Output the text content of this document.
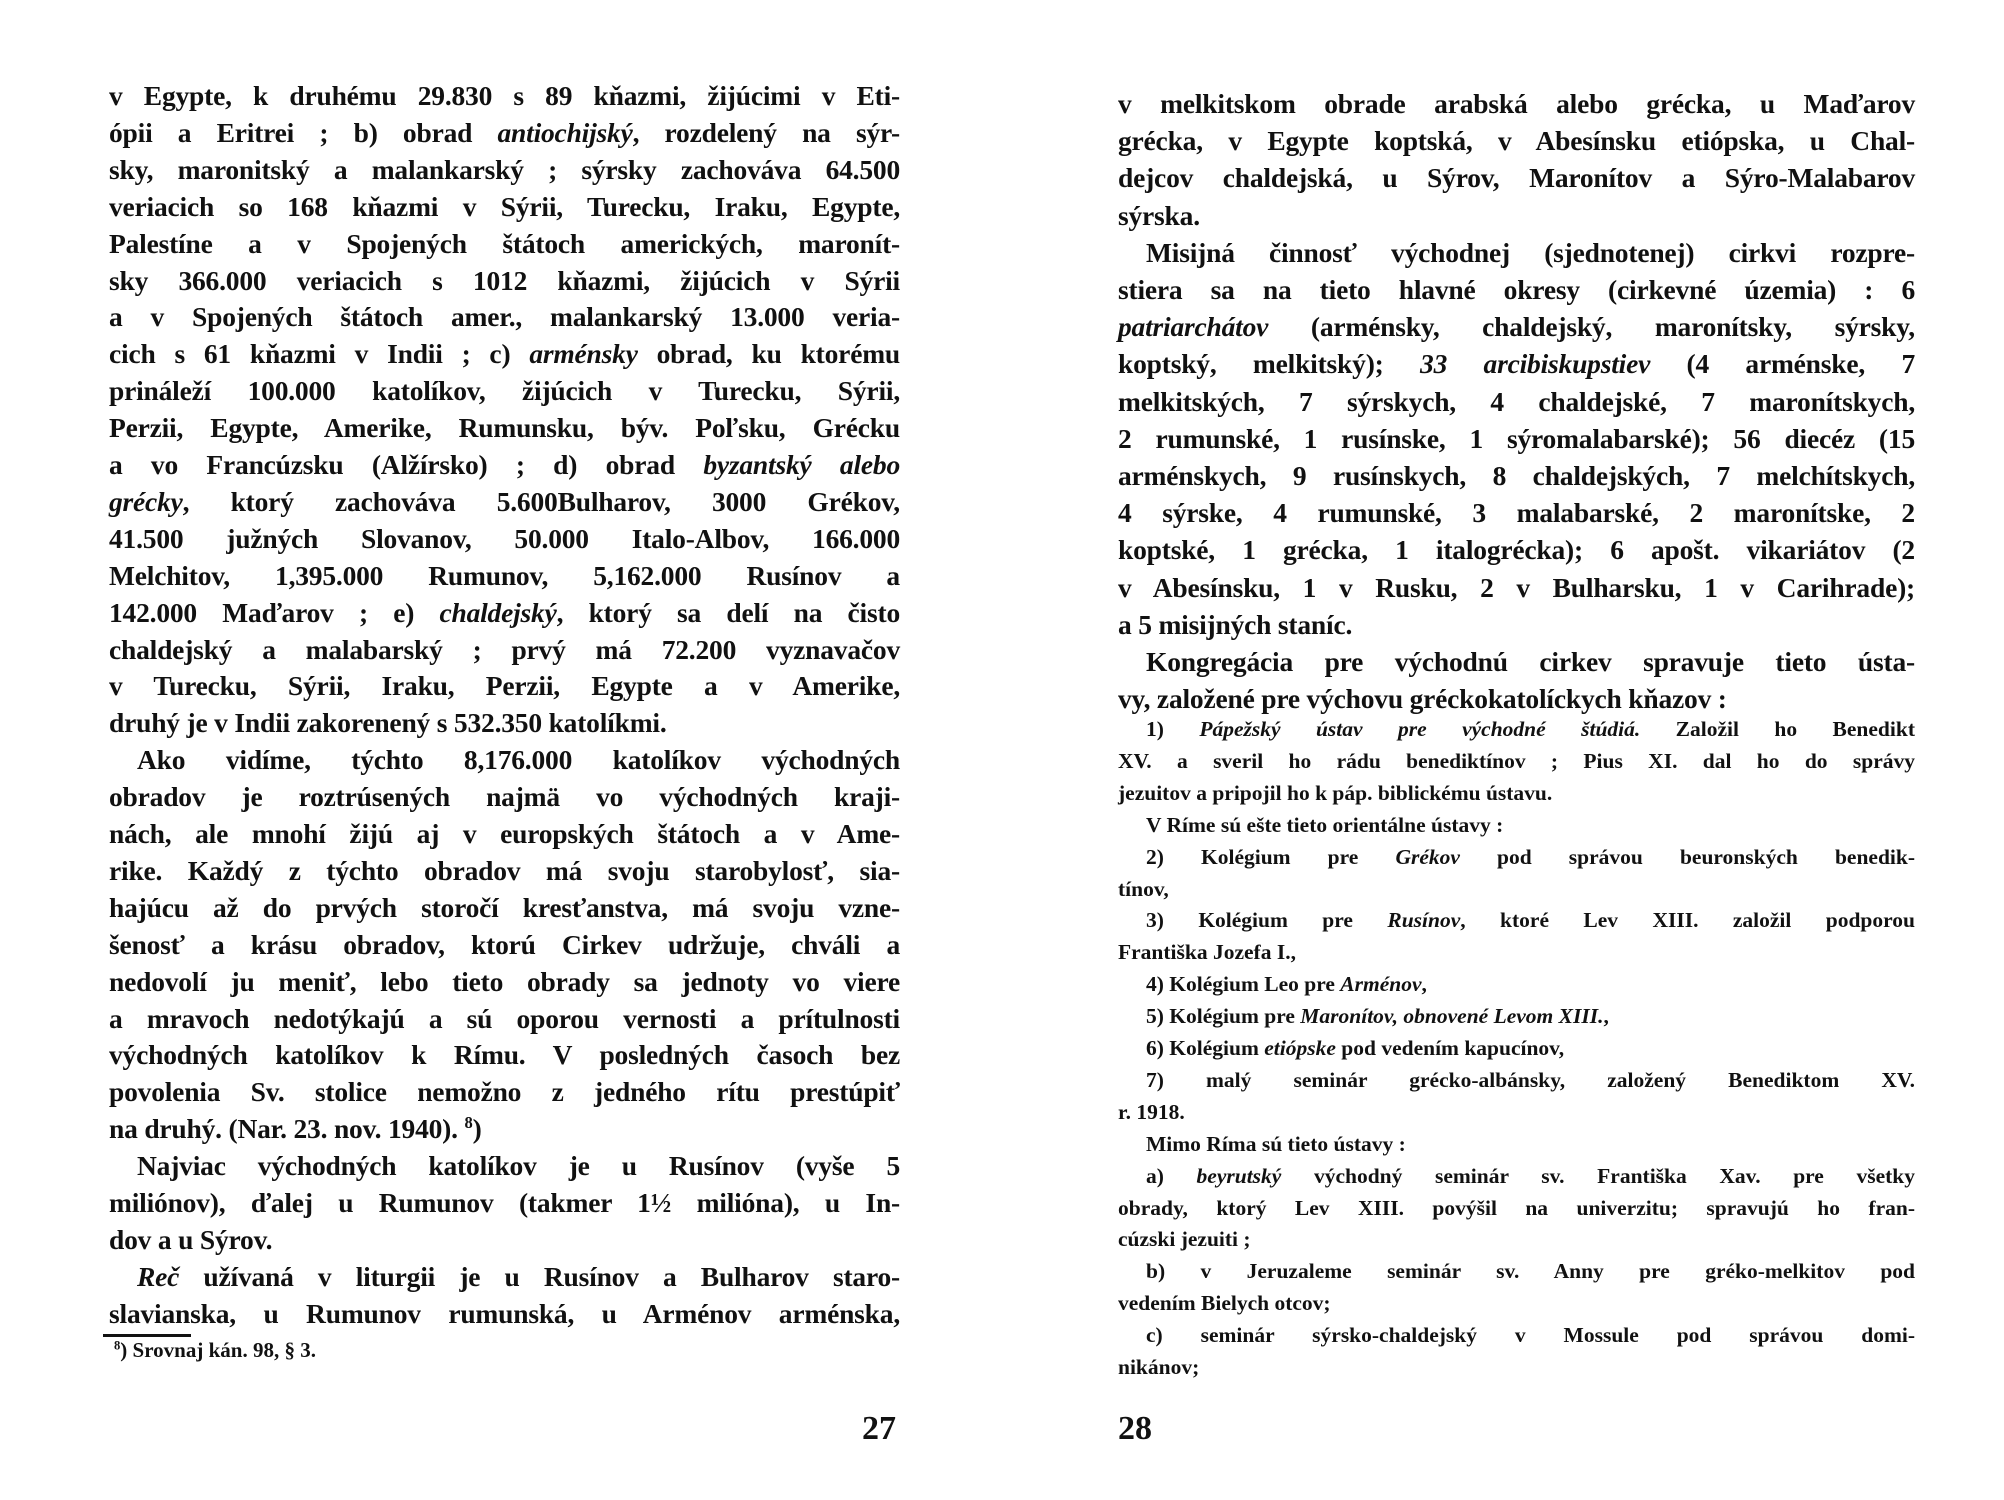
v Egypte, k druhému 29.830 s 89 kňazmi, žijúcimi v Eti-
ópii a Eritrei ; b) obrad antiochijský, rozdelený na sýr-
sky, maronitský a malankarský ; sýrsky zachováva 64.500
veriacich so 168 kňazmi v Sýrii, Turecku, Iraku, Egypte,
Palestíne a v Spojených štátoch amerických, maronít-
sky 366.000 veriacich s 1012 kňazmi, žijúcich v Sýrii
a v Spojených štátoch amer., malankarský 13.000 veria-
cich s 61 kňazmi v Indii ; c) arménsky obrad, ku ktorému
prináleží 100.000 katolíkov, žijúcich v Turecku, Sýrii,
Perzii, Egypte, Amerike, Rumunsku, býv. Poľsku, Grécku
a vo Francúzsku (Alžírsko) ; d) obrad byzantský alebo
grécky, ktorý zachováva 5.600Bulharov, 3000 Grékov,
41.500 južných Slovanov, 50.000 Italo-Albov, 166.000
Melchitov, 1,395.000 Rumunov, 5,162.000 Rusínov a
142.000 Maďarov ; e) chaldejský, ktorý sa delí na čisto
chaldejský a malabarský ; prvý má 72.200 vyznavačov
v Turecku, Sýrii, Iraku, Perzii, Egypte a v Amerike,
druhý je v Indii zakorenený s 532.350 katolíkmi.
Ako vidíme, týchto 8,176.000 katolíkov východných
obradov je roztrúsených najmä vo východných kraji-
nách, ale mnohí žijú aj v europských štátoch a v Ame-
rike. Každý z týchto obradov má svoju starobylosť, sia-
hajúcu až do prvých storočí kresťanstva, má svoju vzne-
šenosť a krásu obradov, ktorú Cirkev udržuje, chváli a
nedovolí ju meniť, lebo tieto obrady sa jednoty vo viere
a mravoch nedotýkajú a sú oporou vernosti a prítulnosti
východných katolíkov k Rímu. V posledných časoch bez
povolenia Sv. stolice nemožno z jedného rítu prestúpiť
na druhý. (Nar. 23. nov. 1940). $^8$)
Najviac východných katolíkov je u Rusínov (vyše 5
miliónov), ďalej u Rumunov (takmer 1½ milióna), u In-
dov a u Sýrov.
Reč užívaná v liturgii je u Rusínov a Bulharov staro-
slavianska, u Rumunov rumunská, u Arménov arménska,
$^8$) Srovnaj kán. 98, § 3.
27
v melkitskom obrade arabská alebo grécka, u Maďarov
grécka, v Egypte koptská, v Abesínsku etiópska, u Chal-
dejcov chaldejská, u Sýrov, Maronítov a Sýro-Malabarov
sýrska.
Misijná činnosť východnej (sjednotenej) cirkvi rozpre-
stiera sa na tieto hlavné okresy (cirkevné územia) : 6
patriarchátov (arménsky, chaldejský, maronítsky, sýrsky,
koptský, melkitský); 33 arcibiskupstiev (4 arménske, 7
melkitských, 7 sýrskych, 4 chaldejské, 7 maronítskych,
2 rumunské, 1 rusínske, 1 sýromalabarské); 56 diecéz (15
arménskych, 9 rusínskych, 8 chaldejských, 7 melchítskych,
4 sýrske, 4 rumunské, 3 malabarské, 2 maronítske, 2
koptské, 1 grécka, 1 italogrécka); 6 apošt. vikariátov (2
v Abesínsku, 1 v Rusku, 2 v Bulharsku, 1 v Carihrade);
a 5 misijných staníc.
Kongregácia pre východnú cirkev spravuje tieto ústa-
vy, založené pre výchovu gréckokatolíckych kňazov :
1) Pápežský ústav pre východné štúdiá. Založil ho Benedikt
XV. a sveril ho rádu benediktínov ; Pius XI. dal ho do správy
jezuitov a pripojil ho k páp. biblickému ústavu.
V Ríme sú ešte tieto orientálne ústavy :
2) Kolégium pre Grékov pod správou beuronských benedik-
tínov,
3) Kolégium pre Rusínov, ktoré Lev XIII. založil podporou
Františka Jozefa I.,
4) Kolégium Leo pre Arménov,
5) Kolégium pre Maronítov, obnovené Levom XIII.,
6) Kolégium etiópske pod vedením kapucínov,
7) malý seminár grécko-albánsky, založený Benediktom XV.
r. 1918.
Mimo Ríma sú tieto ústavy :
a) beyrutský východný seminár sv. Františka Xav. pre všetky
obrady, ktorý Lev XIII. povýšil na univerzitu; spravujú ho fran-
cúzski jezuiti ;
b) v Jeruzaleme seminár sv. Anny pre gréko-melkitov pod
vedením Bielych otcov;
c) seminár sýrsko-chaldejský v Mossule pod správou domi-
nikánov;
28
